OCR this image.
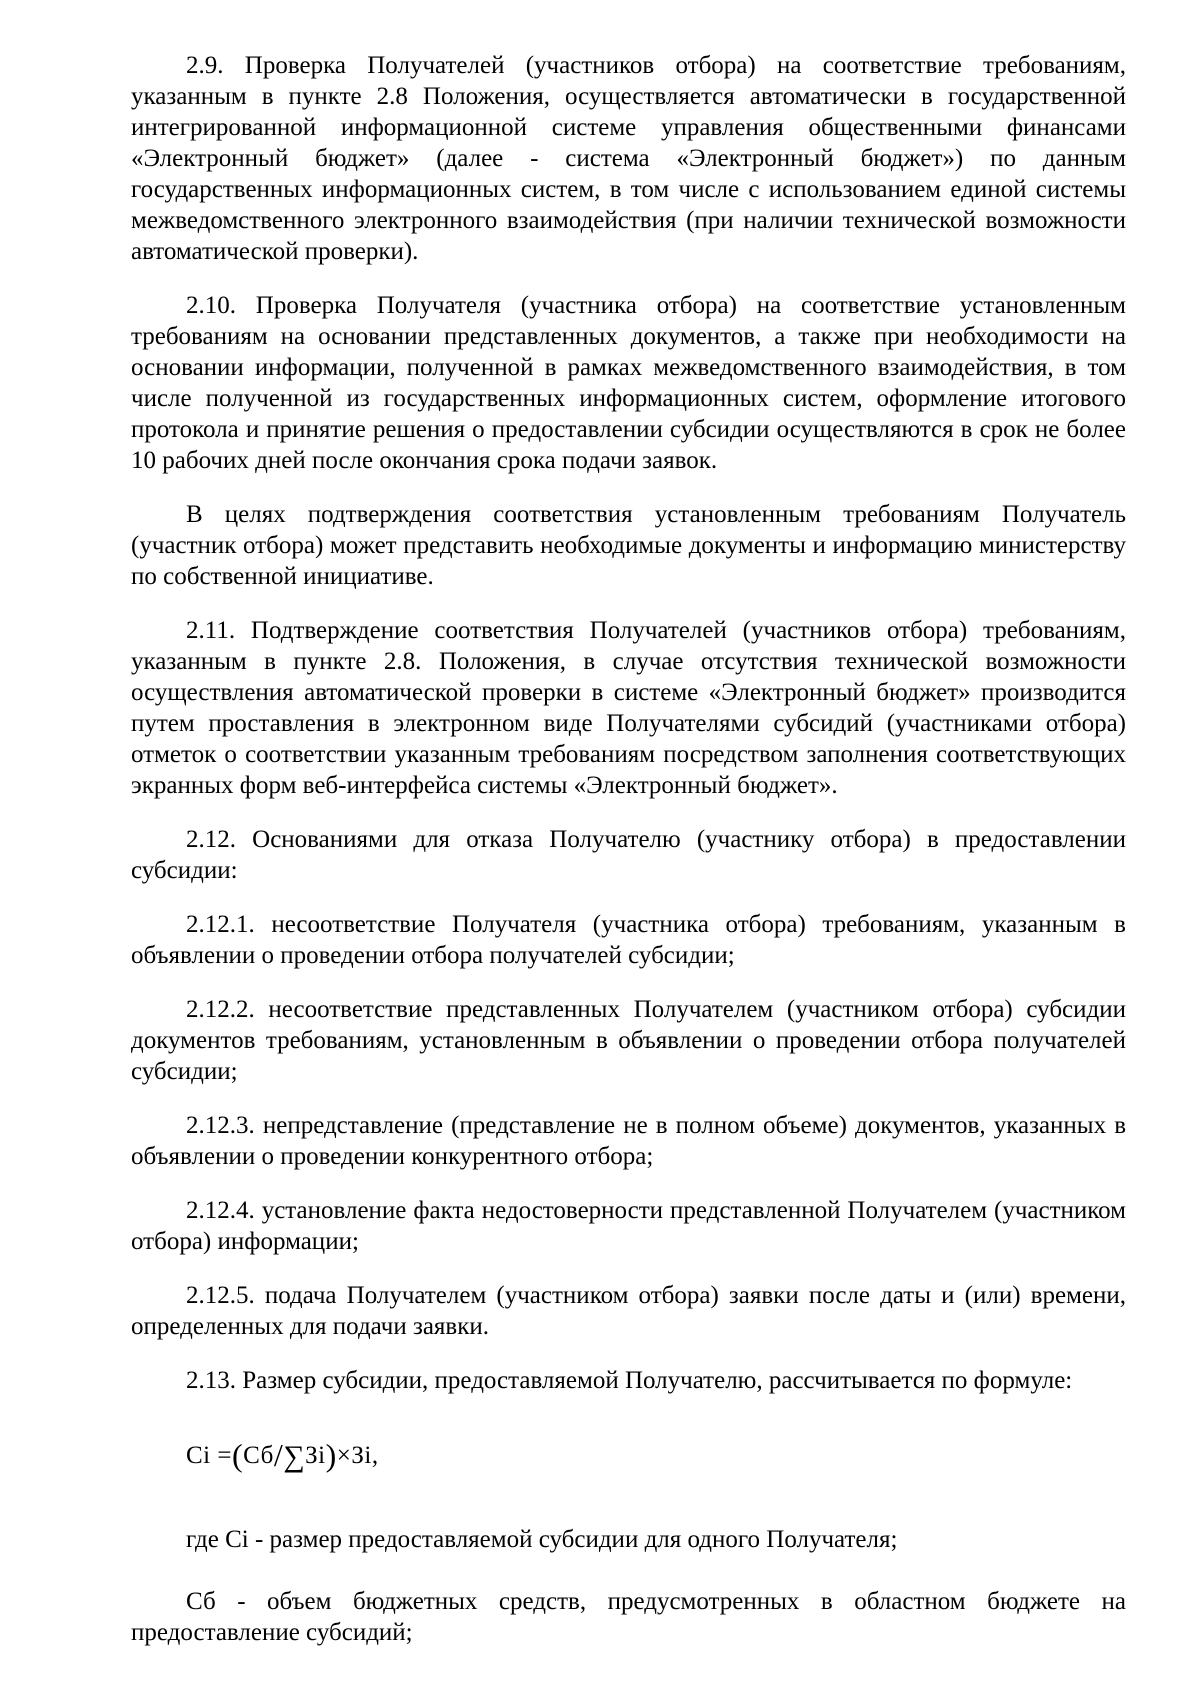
2.9. Проверка Получателей (участников отбора) на соответствие требованиям, указанным в пункте 2.8 Положения, осуществляется автоматически в государственной интегрированной информационной системе управления общественными финансами «Электронный бюджет» (далее - система «Электронный бюджет») по данным государственных информационных систем, в том числе с использованием единой системы межведомственного электронного взаимодействия (при наличии технической возможности автоматической проверки).

2.10. Проверка Получателя (участника отбора) на соответствие установленным требованиям на основании представленных документов, а также при необходимости на основании информации, полученной в рамках межведомственного взаимодействия, в том числе полученной из государственных информационных систем, оформление итогового протокола и принятие решения о предоставлении субсидии осуществляются в срок не более 10 рабочих дней после окончания срока подачи заявок.

В целях подтверждения соответствия установленным требованиям Получатель (участник отбора) может представить необходимые документы и информацию министерству по собственной инициативе.

2.11. Подтверждение соответствия Получателей (участников отбора) требованиям, указанным в пункте 2.8. Положения, в случае отсутствия технической возможности осуществления автоматической проверки в системе «Электронный бюджет» производится путем проставления в электронном виде Получателями субсидий (участниками отбора) отметок о соответствии указанным требованиям посредством заполнения соответствующих экранных форм веб-интерфейса системы «Электронный бюджет».

2.12. Основаниями для отказа Получателю (участнику отбора) в предоставлении субсидии:

2.12.1. несоответствие Получателя (участника отбора) требованиям, указанным в объявлении о проведении отбора получателей субсидии;

2.12.2. несоответствие представленных Получателем (участником отбора) субсидии документов требованиям, установленным в объявлении о проведении отбора получателей субсидии;

2.12.3. непредставление (представление не в полном объеме) документов, указанных в объявлении о проведении конкурентного отбора;

2.12.4. установление факта недостоверности представленной Получателем (участником отбора) информации;

2.12.5. подача Получателем (участником отбора) заявки после даты и (или) времени, определенных для подачи заявки.

2.13. Размер субсидии, предоставляемой Получателю, рассчитывается по формуле:

Ci =(Сб/∑Зi)×Зi,

где Ci - размер предоставляемой субсидии для одного Получателя;

Сб - объем бюджетных средств, предусмотренных в областном бюджете на предоставление субсидий;
